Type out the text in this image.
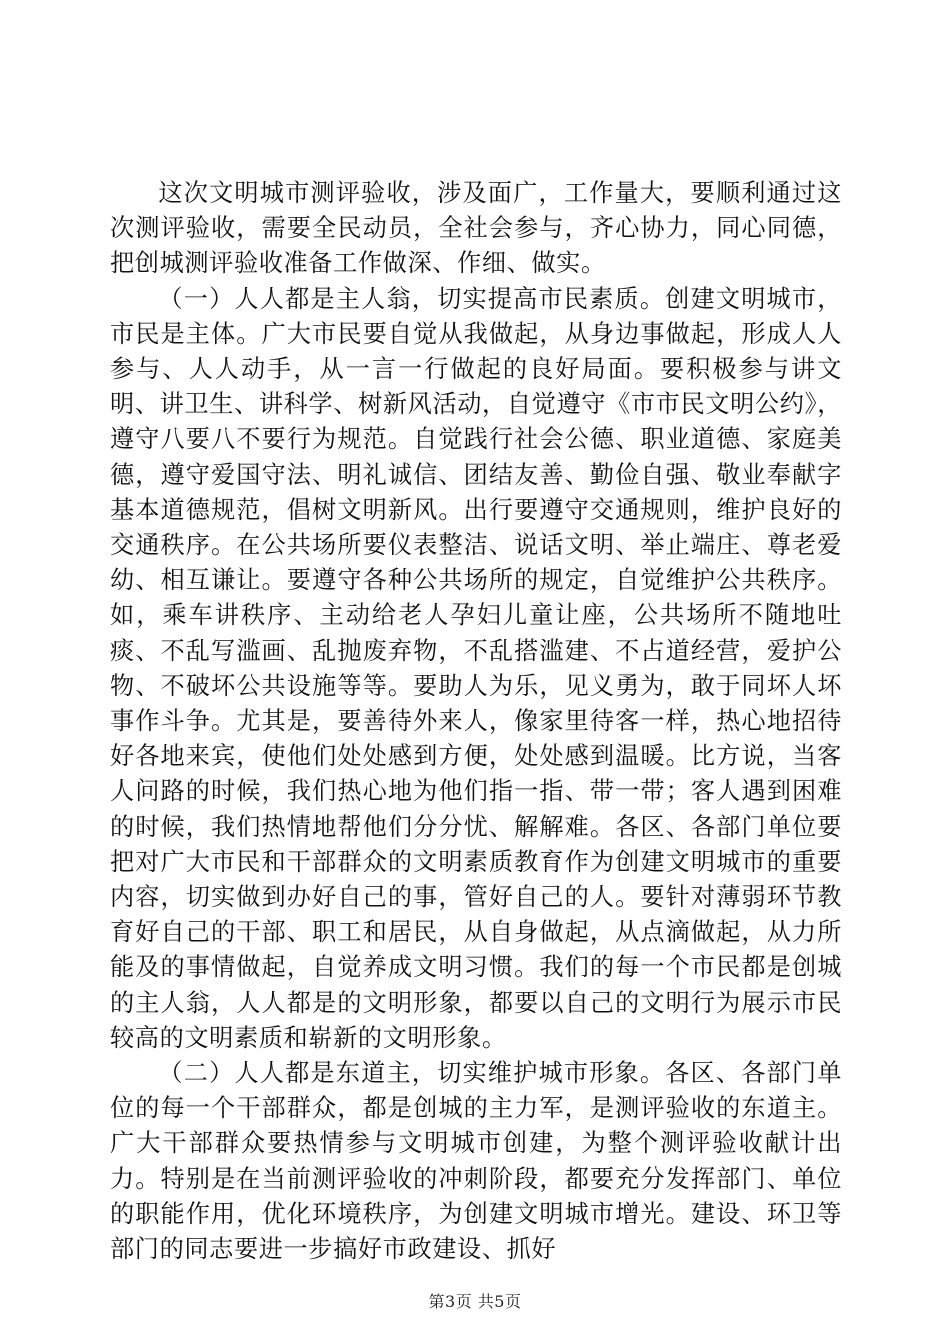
这次文明城市测评验收，涉及面广，工作量大，要顺利通过这次测评验收，需要全民动员，全社会参与，齐心协力，同心同德，把创城测评验收准备工作做深、作细、做实。

（一）人人都是主人翁，切实提高市民素质。创建文明城市，市民是主体。广大市民要自觉从我做起，从身边事做起，形成人人参与、人人动手，从一言一行做起的良好局面。要积极参与讲文明、讲卫生、讲科学、树新风活动，自觉遵守《市市民文明公约》，遵守八要八不要行为规范。自觉践行社会公德、职业道德、家庭美德，遵守爱国守法、明礼诚信、团结友善、勤俭自强、敬业奉献字基本道德规范，倡树文明新风。出行要遵守交通规则，维护良好的交通秩序。在公共场所要仪表整洁、说话文明、举止端庄、尊老爱幼、相互谦让。要遵守各种公共场所的规定，自觉维护公共秩序。如，乘车讲秩序、主动给老人孕妇儿童让座，公共场所不随地吐痰、不乱写滥画、乱抛废弃物，不乱搭滥建、不占道经营，爱护公物、不破坏公共设施等等。要助人为乐，见义勇为，敢于同坏人坏事作斗争。尤其是，要善待外来人，像家里待客一样，热心地招待好各地来宾，使他们处处感到方便，处处感到温暖。比方说，当客人问路的时候，我们热心地为他们指一指、带一带；客人遇到困难的时候，我们热情地帮他们分分忧、解解难。各区、各部门单位要把对广大市民和干部群众的文明素质教育作为创建文明城市的重要内容，切实做到办好自己的事，管好自己的人。要针对薄弱环节教育好自己的干部、职工和居民，从自身做起，从点滴做起，从力所能及的事情做起，自觉养成文明习惯。我们的每一个市民都是创城的主人翁，人人都是的文明形象，都要以自己的文明行为展示市民较高的文明素质和崭新的文明形象。

（二）人人都是东道主，切实维护城市形象。各区、各部门单位的每一个干部群众，都是创城的主力军，是测评验收的东道主。广大干部群众要热情参与文明城市创建，为整个测评验收献计出力。特别是在当前测评验收的冲刺阶段，都要充分发挥部门、单位的职能作用，优化环境秩序，为创建文明城市增光。建设、环卫等部门的同志要进一步搞好市政建设、抓好

第3页 共5页
